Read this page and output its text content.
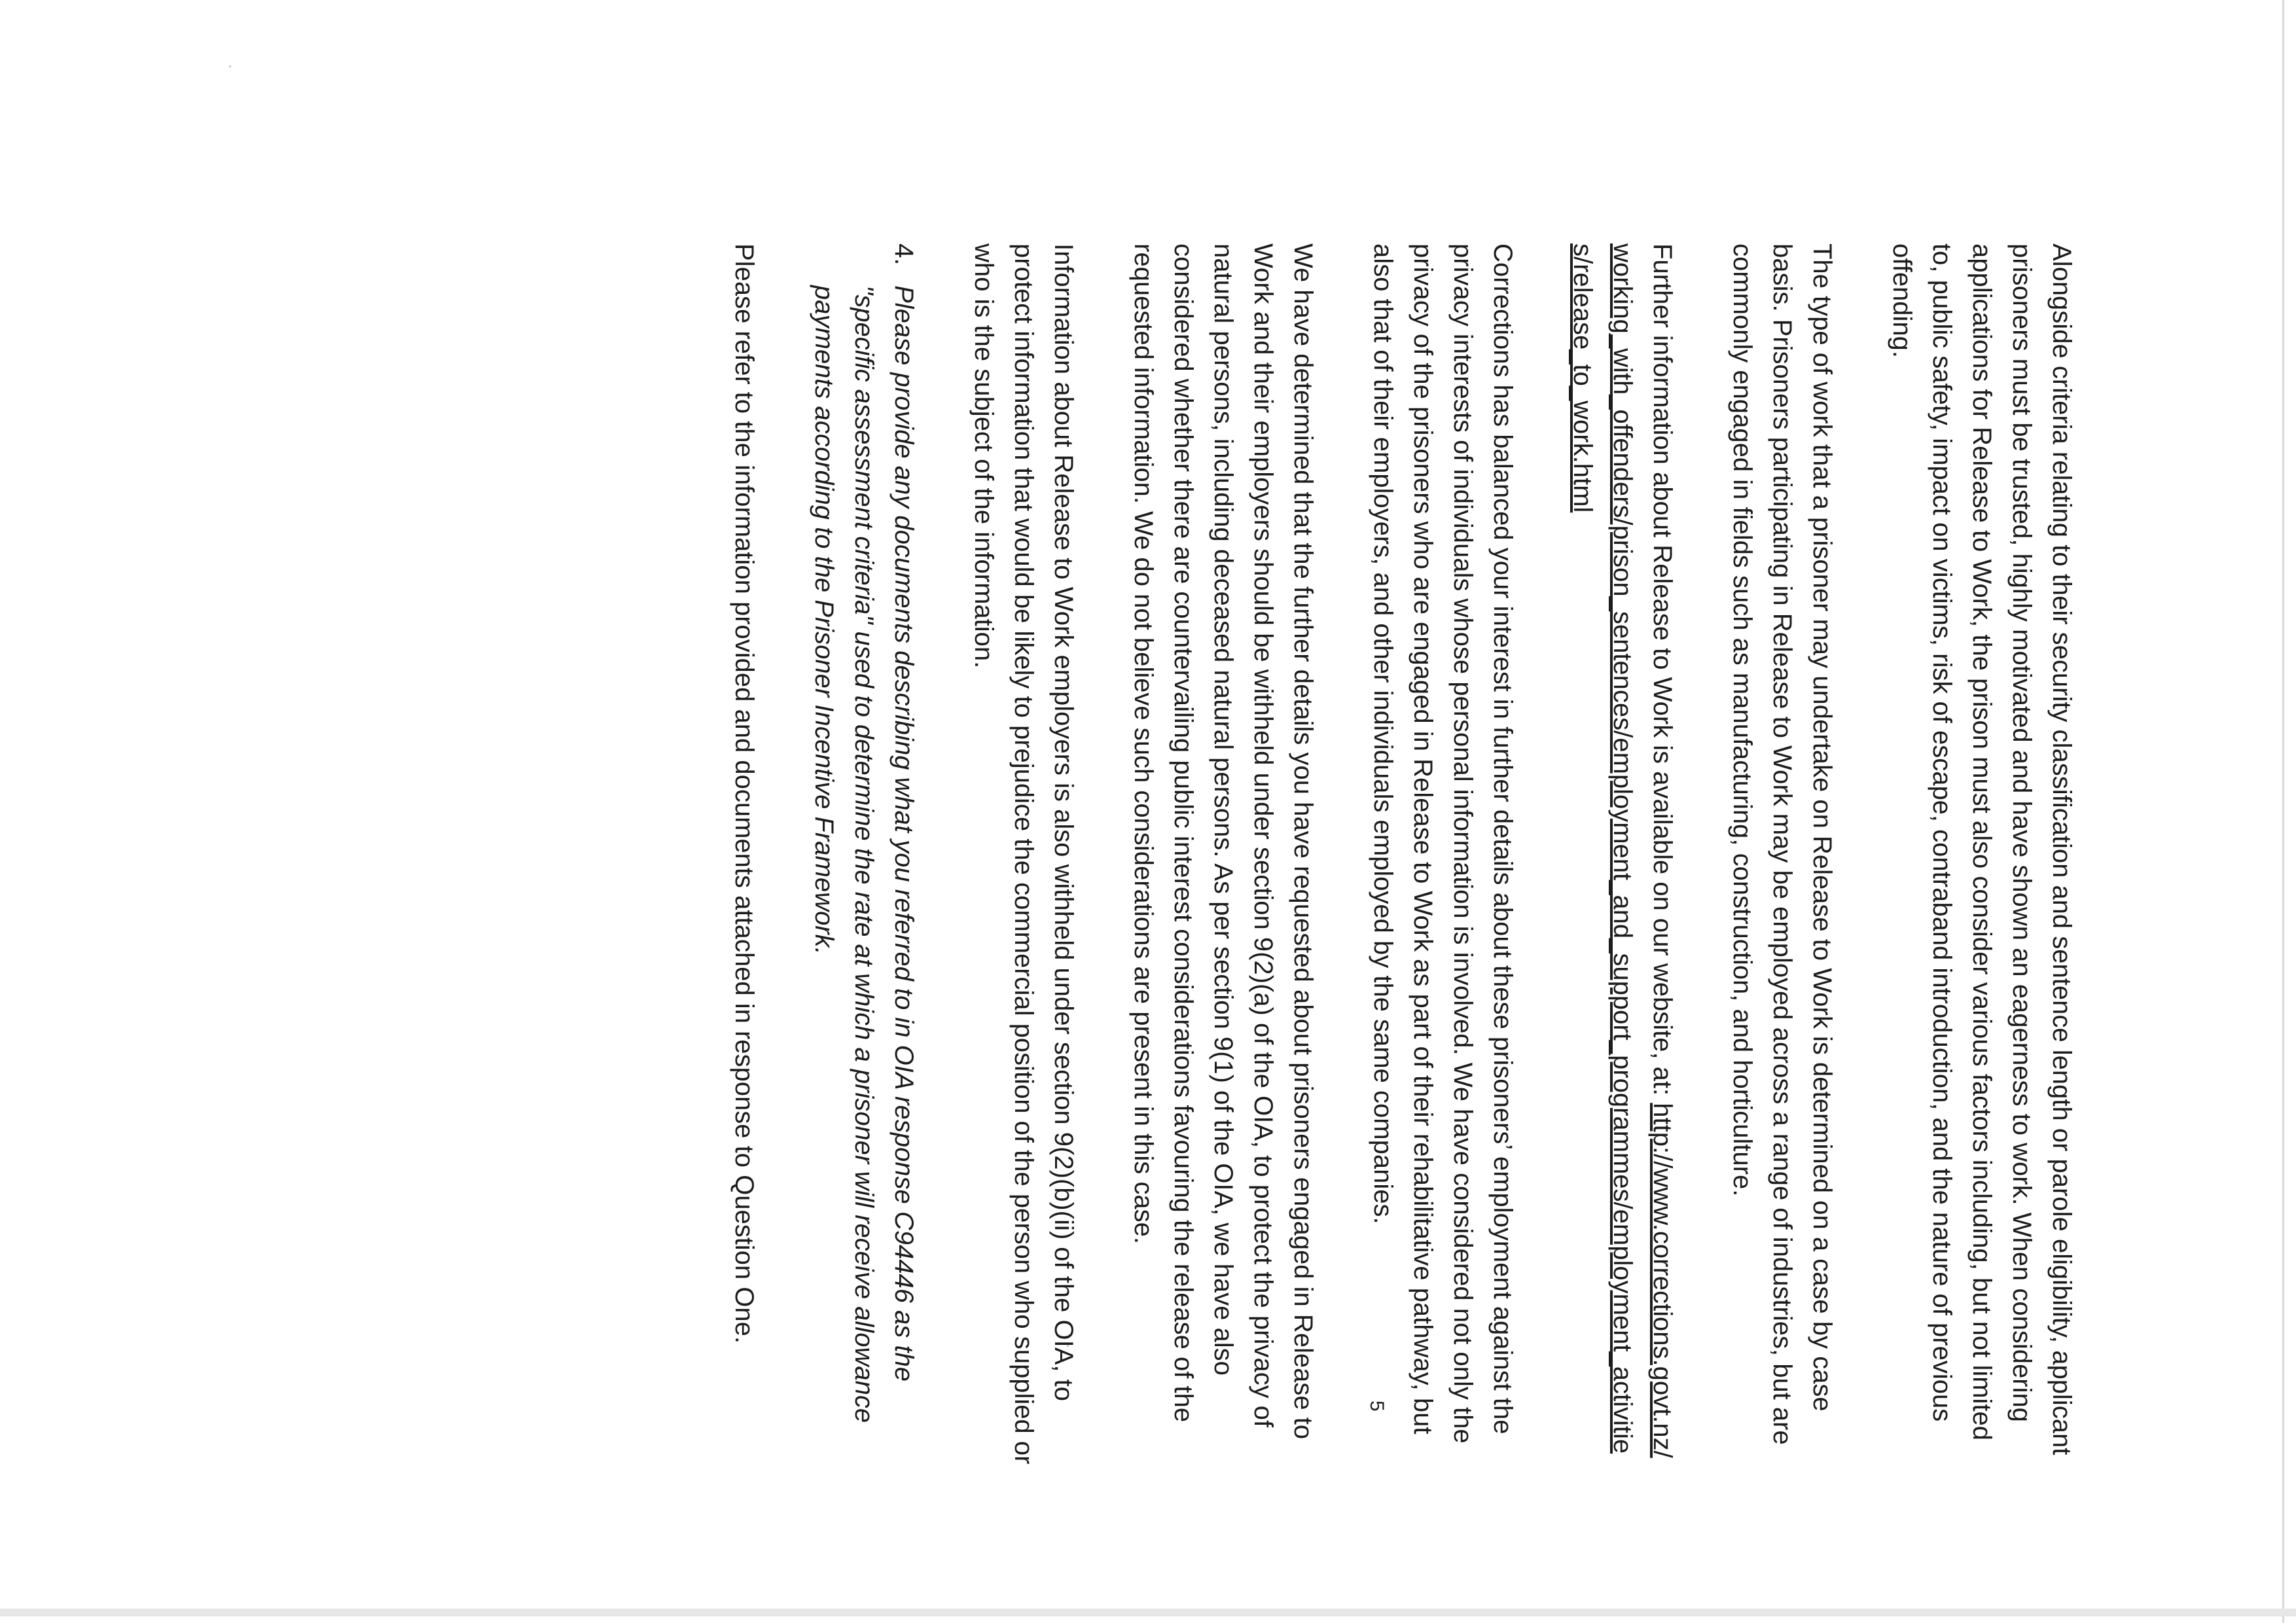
Alongside criteria relating to their security classification and sentence length or parole eligibility, applicant prisoners must be trusted, highly motivated and have shown an eagerness to work. When considering applications for Release to Work, the prison must also consider various factors including, but not limited to, public safety, impact on victims, risk of escape, contraband introduction, and the nature of previous offending.

The type of work that a prisoner may undertake on Release to Work is determined on a case by case basis. Prisoners participating in Release to Work may be employed across a range of industries, but are commonly engaged in fields such as manufacturing, construction, and horticulture.

Further information about Release to Work is available on our website, at: http://www.corrections.govt.nz/working_with_offenders/prison_sentences/employment_and_support_programmes/employment_activities/release_to_work.html

Corrections has balanced your interest in further details about these prisoners’ employment against the privacy interests of individuals whose personal information is involved. We have considered not only the privacy of the prisoners who are engaged in Release to Work as part of their rehabilitative pathway, but also that of their employers, and other individuals employed by the same companies.

We have determined that the further details you have requested about prisoners engaged in Release to Work and their employers should be withheld under section 9(2)(a) of the OIA, to protect the privacy of natural persons, including deceased natural persons. As per section 9(1) of the OIA, we have also considered whether there are countervailing public interest considerations favouring the release of the requested information. We do not believe such considerations are present in this case.

Information about Release to Work employers is also withheld under section 9(2)(b)(ii) of the OIA, to protect information that would be likely to prejudice the commercial position of the person who supplied or who is the subject of the information.

4.
Please provide any documents describing what you referred to in OIA response C94446 as the "specific assessment criteria" used to determine the rate at which a prisoner will receive allowance payments according to the Prisoner Incentive Framework.

Please refer to the information provided and documents attached in response to Question One.

5
